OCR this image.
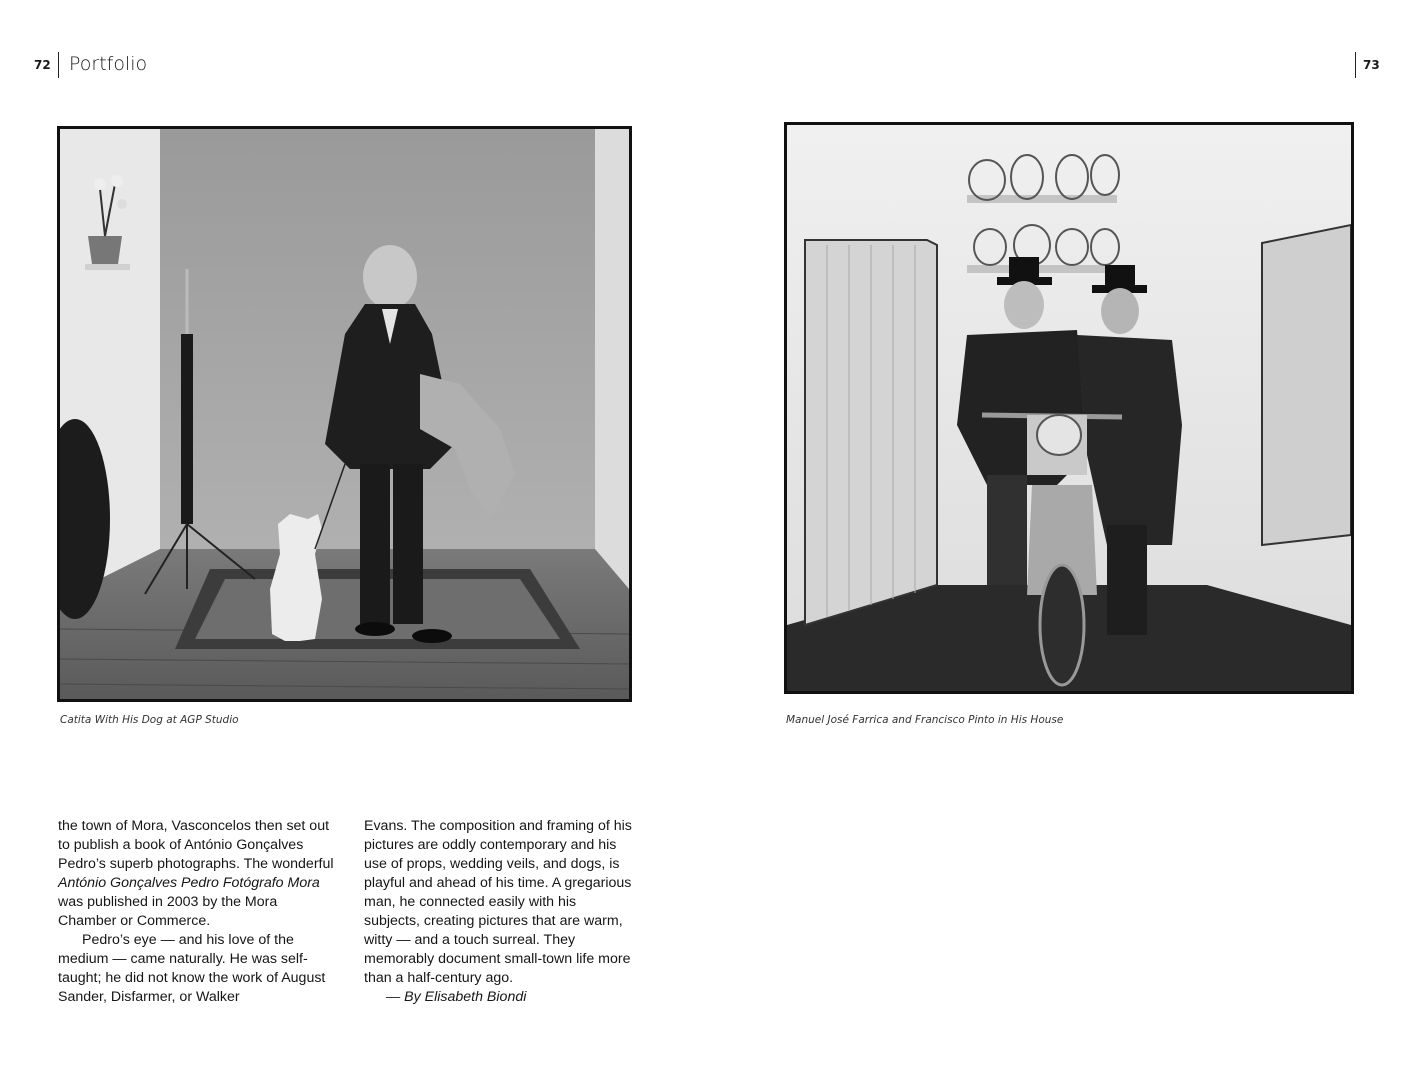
72 Portfolio	73
Catita With His Dog at AGP Studio	Manuel José Farrica and Francisco Pinto in His House

the town of Mora, Vasconcelos then set out to publish a book of António Gonçalves Pedro’s superb photographs. The wonderful António Gonçalves Pedro Fotógrafo Mora was published in 2003 by the Mora Chamber or Commerce.

Pedro’s eye — and his love of the medium — came naturally. He was self-taught; he did not know the work of August Sander, Disfarmer, or Walker

Evans. The composition and framing of his pictures are oddly contemporary and his use of props, wedding veils, and dogs, is playful and ahead of his time. A gregarious man, he connected easily with his subjects, creating pictures that are warm, witty — and a touch surreal. They memorably document small-town life more than a half-century ago.

— By Elisabeth Biondi
